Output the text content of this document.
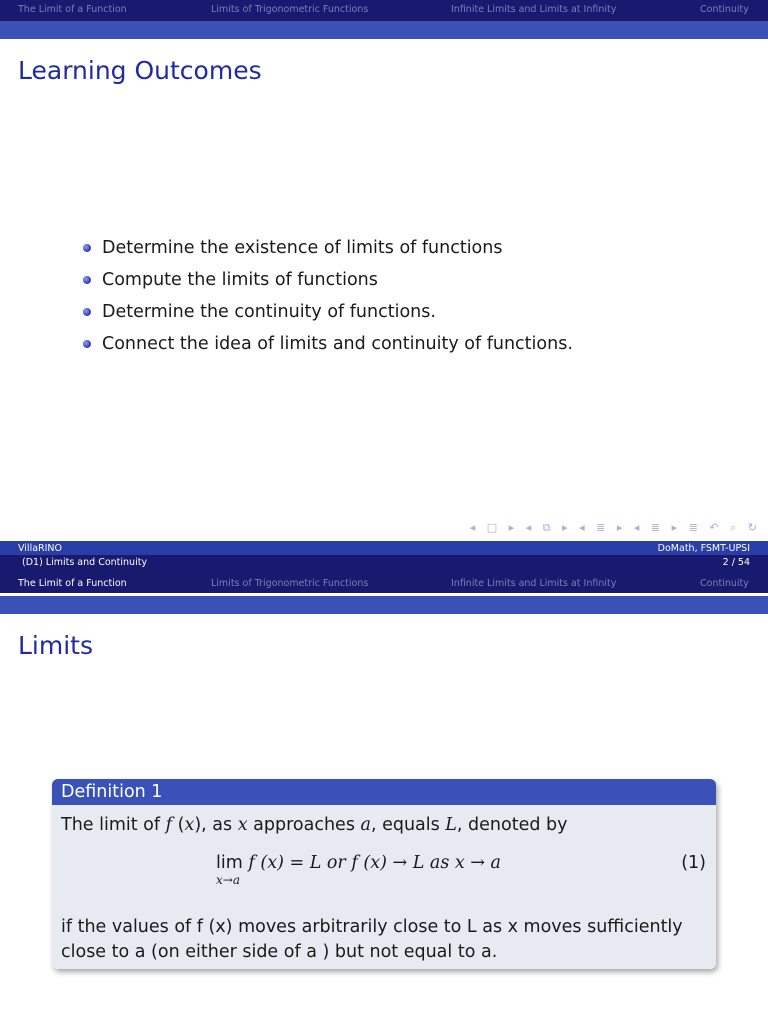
The Limit of a Function	Limits of Trigonometric Functions	Infinite Limits and Limits at Infinity	Continuity
Learning Outcomes
Determine the existence of limits of functions
Compute the limits of functions
Determine the continuity of functions.
Connect the idea of limits and continuity of functions.
◂ □ ▸ ◂ ⧉ ▸ ◂ ≣ ▸ ◂ ≣ ▸ ≣ ↶ ⌕ ↻
VillaRINO	DoMath, FSMT-UPSI
(D1) Limits and Continuity	2 / 54
The Limit of a Function	Limits of Trigonometric Functions	Infinite Limits and Limits at Infinity	Continuity
Limits
Definition 1
The limit of f (x), as x approaches a, equals L, denoted by
lim
x→a
f (x) = L or f (x) → L as x → a	(1)
if the values of f (x) moves arbitrarily close to L as x moves sufficiently
close to a (on either side of a ) but not equal to a.
